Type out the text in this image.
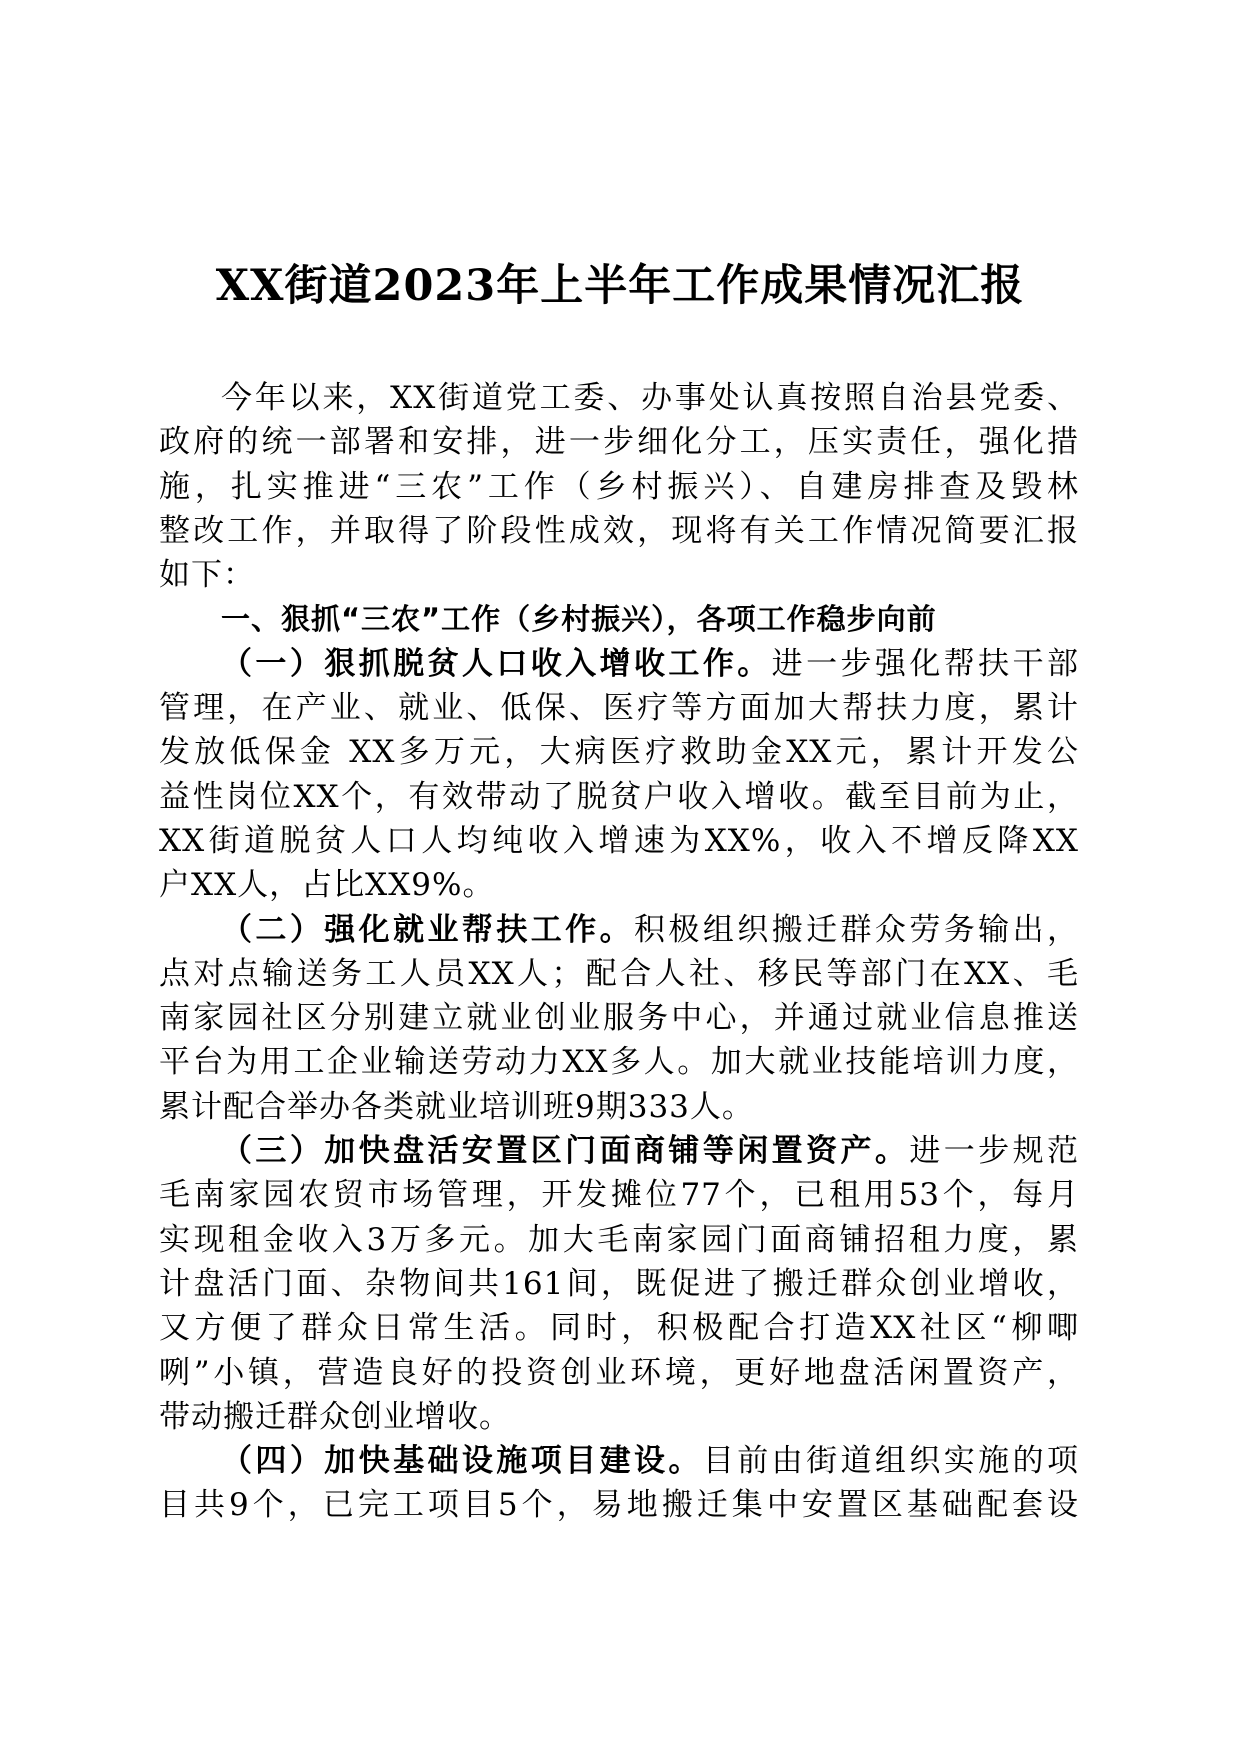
XX街道2023年上半年工作成果情况汇报
今年以来，XX街道党工委、办事处认真按照自治县党委、
政府的统一部署和安排，进一步细化分工，压实责任，强化措
施，扎实推进“三农”工作（乡村振兴）、自建房排查及毁林
整改工作，并取得了阶段性成效，现将有关工作情况简要汇报
如下：
一、狠抓“三农”工作（乡村振兴），各项工作稳步向前
（一）狠抓脱贫人口收入增收工作。进一步强化帮扶干部
管理，在产业、就业、低保、医疗等方面加大帮扶力度，累计
发放低保金 XX多万元，大病医疗救助金XX元，累计开发公
益性岗位XX个，有效带动了脱贫户收入增收。截至目前为止，
XX街道脱贫人口人均纯收入增速为XX%，收入不增反降XX
户XX人，占比XX9%。
（二）强化就业帮扶工作。积极组织搬迁群众劳务输出，
点对点输送务工人员XX人；配合人社、移民等部门在XX、毛
南家园社区分别建立就业创业服务中心，并通过就业信息推送
平台为用工企业输送劳动力XX多人。加大就业技能培训力度，
累计配合举办各类就业培训班9期333人。
（三）加快盘活安置区门面商铺等闲置资产。进一步规范
毛南家园农贸市场管理，开发摊位77个，已租用53个，每月
实现租金收入3万多元。加大毛南家园门面商铺招租力度，累
计盘活门面、杂物间共161间，既促进了搬迁群众创业增收，
又方便了群众日常生活。同时，积极配合打造XX社区“柳唧
咧”小镇，营造良好的投资创业环境，更好地盘活闲置资产，
带动搬迁群众创业增收。
（四）加快基础设施项目建设。目前由街道组织实施的项
目共9个，已完工项目5个，易地搬迁集中安置区基础配套设
